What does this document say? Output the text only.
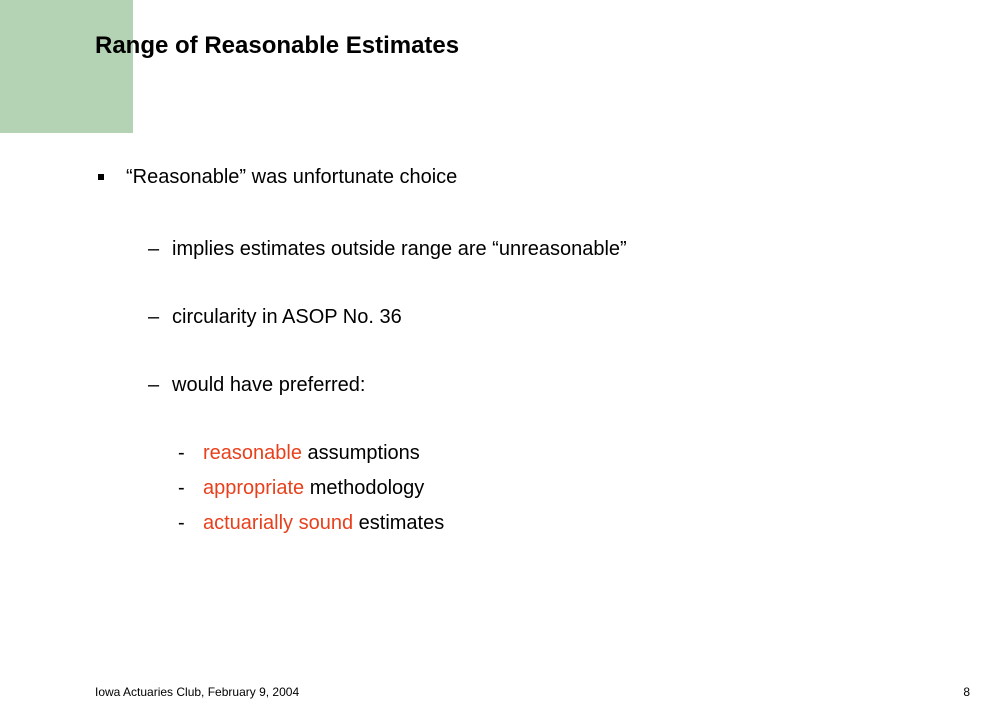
Range of Reasonable Estimates
“Reasonable” was unfortunate choice
– implies estimates outside range are “unreasonable”
– circularity in ASOP No. 36
– would have preferred:
- reasonable assumptions
- appropriate methodology
- actuarially sound estimates
Iowa Actuaries Club, February 9, 2004	8
